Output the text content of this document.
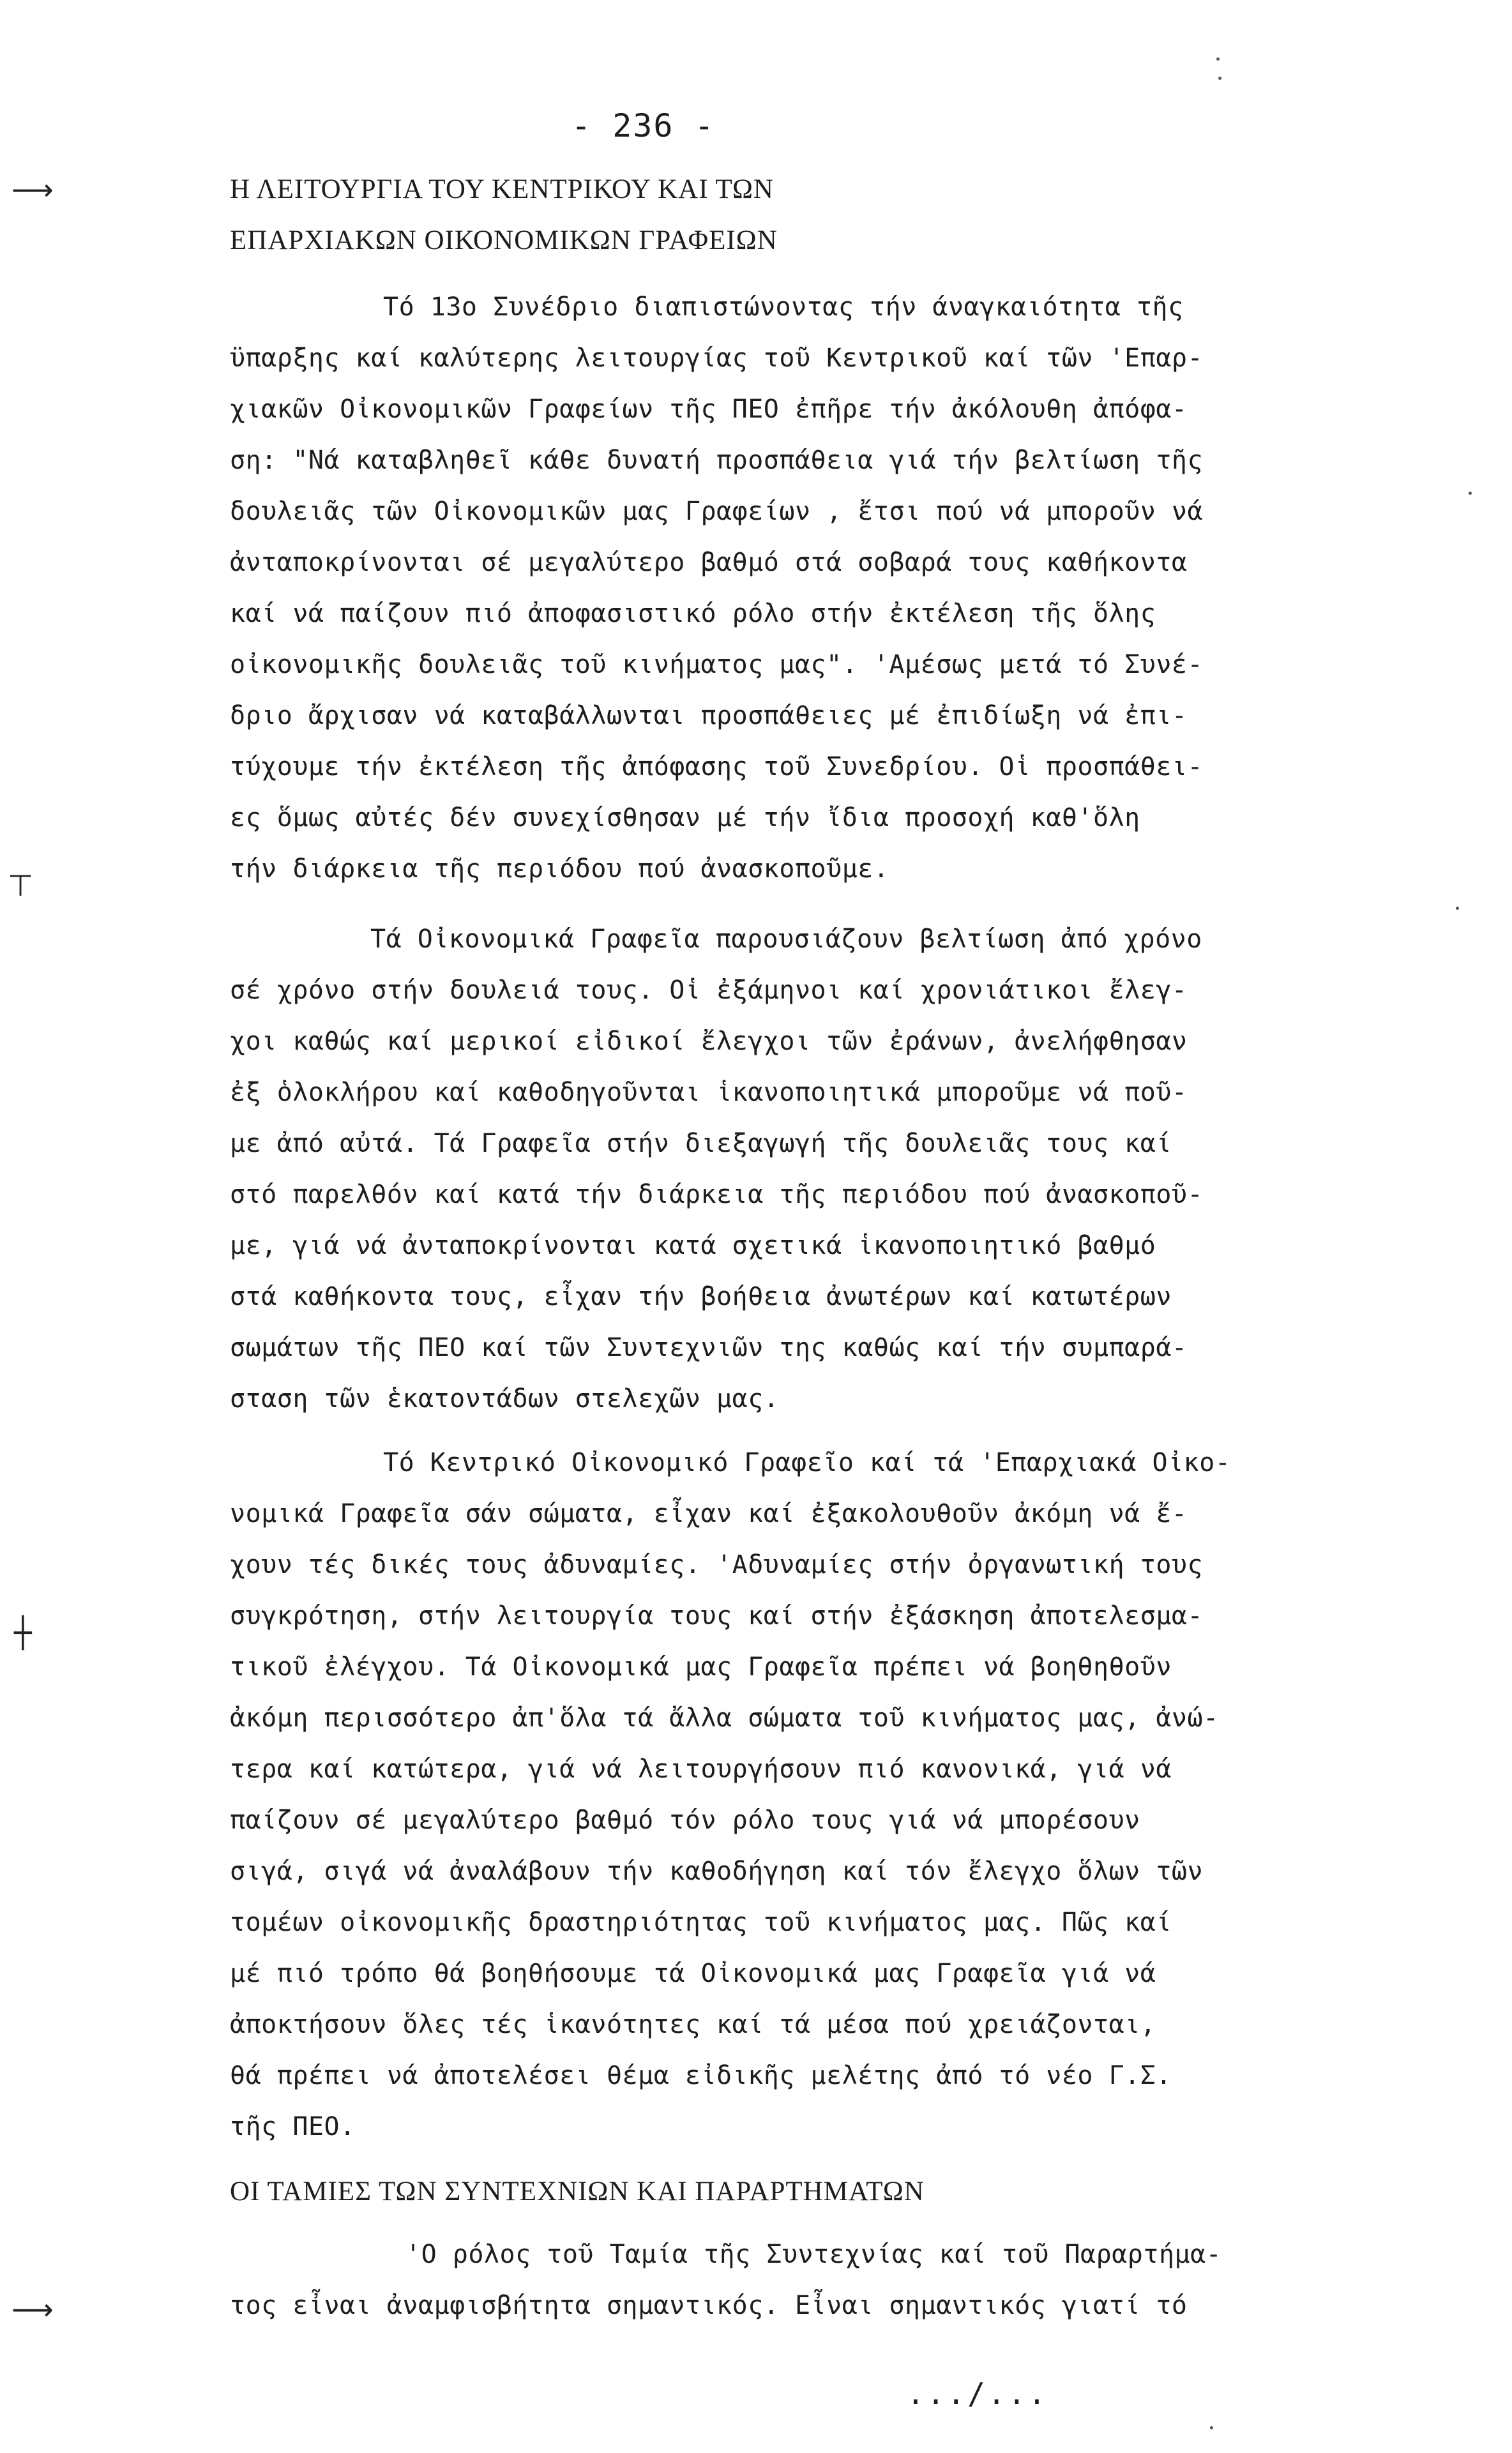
- 236 -
Η ΛΕΙΤΟΥΡΓΙΑ ΤΟΥ ΚΕΝΤΡΙΚΟΥ ΚΑΙ ΤΩΝ
ΕΠΑΡΧΙΑΚΩΝ ΟΙΚΟΝΟΜΙΚΩΝ ΓΡΑΦΕΙΩΝ
Τό 13ο Συνέδριο διαπιστώνοντας τήν άναγκαιότητα τῆς
ϋπαρξης καί καλύτερης λειτουργίας τοῦ Κεντρικοῦ καί τῶν 'Επαρ-
χιακῶν Οἰκονομικῶν Γραφείων τῆς ΠΕΟ ἐπῆρε τήν ἀκόλουθη ἀπόφα-
ση: "Νά καταβληθεῖ κάθε δυνατή προσπάθεια γιά τήν βελτίωση τῆς
δουλειᾶς τῶν Οἰκονομικῶν μας Γραφείων , ἔτσι πού νά μποροῦν νά
ἀνταποκρίνονται σέ μεγαλύτερο βαθμό στά σοβαρά τους καθήκοντα
καί νά παίζουν πιό ἀποφασιστικό ρόλο στήν ἐκτέλεση τῆς ὅλης
οἰκονομικῆς δουλειᾶς τοῦ κινήματος μας". 'Αμέσως μετά τό Συνέ-
δριο ἄρχισαν νά καταβάλλωνται προσπάθειες μέ ἐπιδίωξη νά ἐπι-
τύχουμε τήν ἐκτέλεση τῆς ἀπόφασης τοῦ Συνεδρίου. Οἱ προσπάθει-
ες ὅμως αὐτές δέν συνεχίσθησαν μέ τήν ἴδια προσοχή καθ'ὅλη
τήν διάρκεια τῆς περιόδου πού ἀνασκοποῦμε.
Τά Οἰκονομικά Γραφεῖα παρουσιάζουν βελτίωση ἀπό χρόνο
σέ χρόνο στήν δουλειά τους. Οἱ ἐξάμηνοι καί χρονιάτικοι ἔλεγ-
χοι καθώς καί μερικοί εἰδικοί ἔλεγχοι τῶν ἐράνων, ἀνελήφθησαν
ἐξ ὁλοκλήρου καί καθοδηγοῦνται ἱκανοποιητικά μποροῦμε νά ποῦ-
με ἀπό αὐτά. Τά Γραφεῖα στήν διεξαγωγή τῆς δουλειᾶς τους καί
στό παρελθόν καί κατά τήν διάρκεια τῆς περιόδου πού ἀνασκοποῦ-
με, γιά νά ἀνταποκρίνονται κατά σχετικά ἱκανοποιητικό βαθμό
στά καθήκοντα τους, εἶχαν τήν βοήθεια ἀνωτέρων καί κατωτέρων
σωμάτων τῆς ΠΕΟ καί τῶν Συντεχνιῶν της καθώς καί τήν συμπαρά-
σταση τῶν ἑκατοντάδων στελεχῶν μας.
Τό Κεντρικό Οἰκονομικό Γραφεῖο καί τά 'Επαρχιακά Οἰκο-
νομικά Γραφεῖα σάν σώματα, εἶχαν καί ἐξακολουθοῦν ἀκόμη νά ἔ-
χουν τές δικές τους ἀδυναμίες. 'Αδυναμίες στήν ὀργανωτική τους
συγκρότηση, στήν λειτουργία τους καί στήν ἐξάσκηση ἀποτελεσμα-
τικοῦ ἐλέγχου. Τά Οἰκονομικά μας Γραφεῖα πρέπει νά βοηθηθοῦν
ἀκόμη περισσότερο ἀπ'ὅλα τά ἄλλα σώματα τοῦ κινήματος μας, ἀνώ-
τερα καί κατώτερα, γιά νά λειτουργήσουν πιό κανονικά, γιά νά
παίζουν σέ μεγαλύτερο βαθμό τόν ρόλο τους γιά νά μπορέσουν
σιγά, σιγά νά ἀναλάβουν τήν καθοδήγηση καί τόν ἔλεγχο ὅλων τῶν
τομέων οἰκονομικῆς δραστηριότητας τοῦ κινήματος μας. Πῶς καί
μέ πιό τρόπο θά βοηθήσουμε τά Οἰκονομικά μας Γραφεῖα γιά νά
ἀποκτήσουν ὅλες τές ἱκανότητες καί τά μέσα πού χρειάζονται,
θά πρέπει νά ἀποτελέσει θέμα εἰδικῆς μελέτης ἀπό τό νέο Γ.Σ.
τῆς ΠΕΟ.
ΟΙ ΤΑΜΙΕΣ ΤΩΝ ΣΥΝΤΕΧΝΙΩΝ ΚΑΙ ΠΑΡΑΡΤΗΜΑΤΩΝ
'Ο ρόλος τοῦ Ταμία τῆς Συντεχνίας καί τοῦ Παραρτήμα-
τος εἶναι ἀναμφισβήτητα σημαντικός. Εἶναι σημαντικός γιατί τό
.../...
⟶
⊤
┼
⟶
